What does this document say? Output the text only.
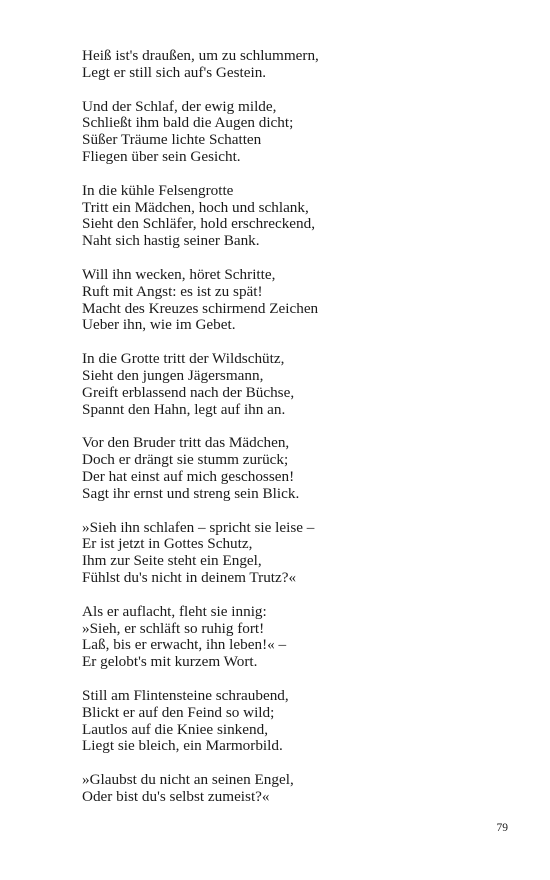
Heiß ist's draußen, um zu schlummern,
Legt er still sich auf's Gestein.
Und der Schlaf, der ewig milde,
Schließt ihm bald die Augen dicht;
Süßer Träume lichte Schatten
Fliegen über sein Gesicht.
In die kühle Felsengrotte
Tritt ein Mädchen, hoch und schlank,
Sieht den Schläfer, hold erschreckend,
Naht sich hastig seiner Bank.
Will ihn wecken, höret Schritte,
Ruft mit Angst: es ist zu spät!
Macht des Kreuzes schirmend Zeichen
Ueber ihn, wie im Gebet.
In die Grotte tritt der Wildschütz,
Sieht den jungen Jägersmann,
Greift erblassend nach der Büchse,
Spannt den Hahn, legt auf ihn an.
Vor den Bruder tritt das Mädchen,
Doch er drängt sie stumm zurück;
Der hat einst auf mich geschossen!
Sagt ihr ernst und streng sein Blick.
»Sieh ihn schlafen – spricht sie leise –
Er ist jetzt in Gottes Schutz,
Ihm zur Seite steht ein Engel,
Fühlst du's nicht in deinem Trutz?«
Als er auflacht, fleht sie innig:
»Sieh, er schläft so ruhig fort!
Laß, bis er erwacht, ihn leben!« –
Er gelobt's mit kurzem Wort.
Still am Flintensteine schraubend,
Blickt er auf den Feind so wild;
Lautlos auf die Kniee sinkend,
Liegt sie bleich, ein Marmorbild.
»Glaubst du nicht an seinen Engel,
Oder bist du's selbst zumeist?«
79
